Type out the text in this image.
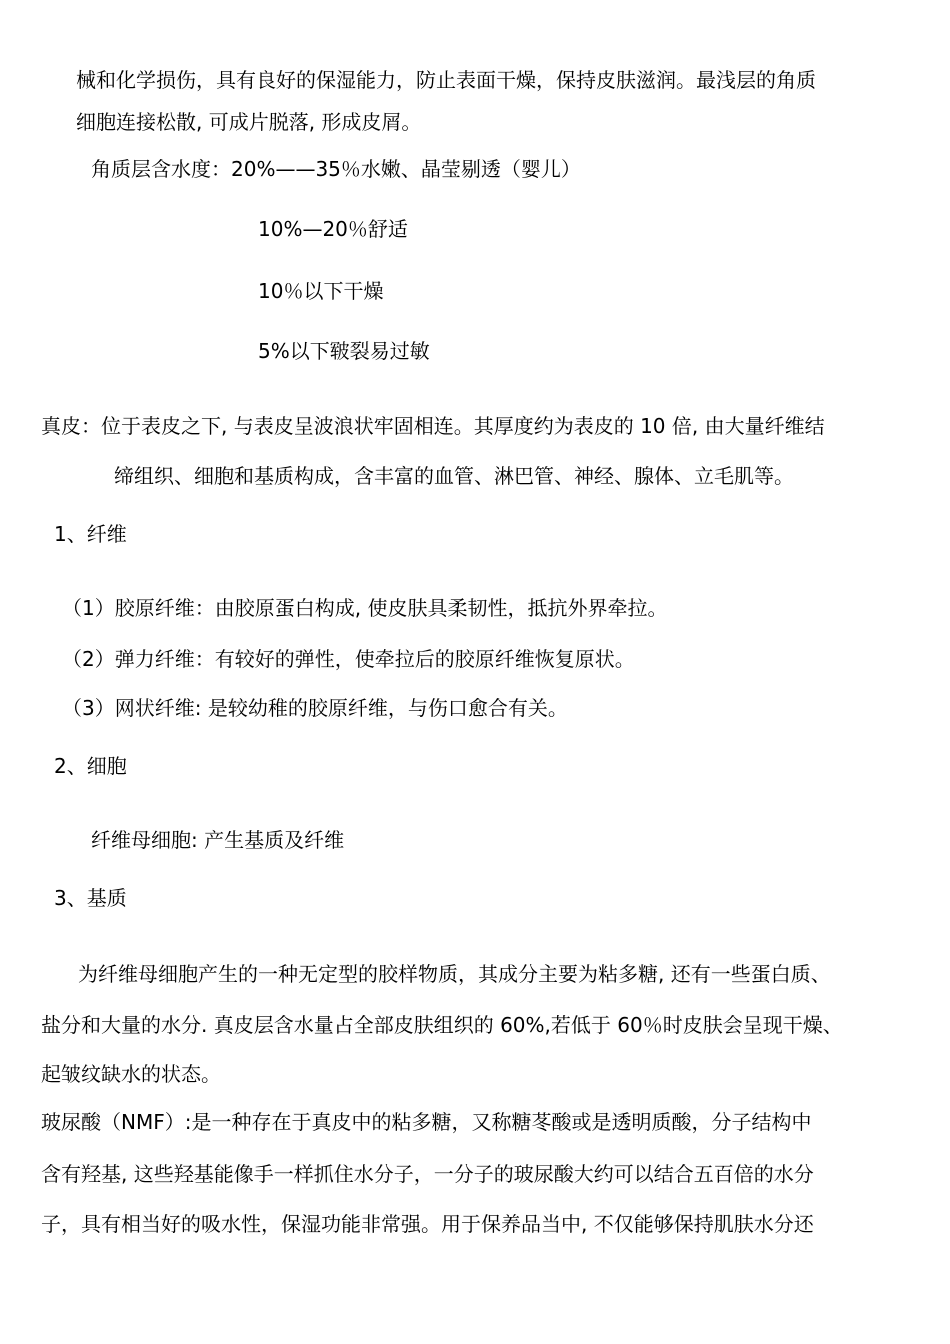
械和化学损伤，具有良好的保湿能力，防止表面干燥，保持皮肤滋润。最浅层的角质

细胞连接松散, 可成片脱落, 形成皮屑。

角质层含水度：20%——35％水嫩、晶莹剔透（婴儿）

10%—20％舒适

10％以下干燥

5%以下皲裂易过敏

真皮：位于表皮之下, 与表皮呈波浪状牢固相连。其厚度约为表皮的 10 倍, 由大量纤维结

缔组织、细胞和基质构成，含丰富的血管、淋巴管、神经、腺体、立毛肌等。

1、纤维

（1）胶原纤维：由胶原蛋白构成, 使皮肤具柔韧性，抵抗外界牵拉。

（2）弹力纤维：有较好的弹性，使牵拉后的胶原纤维恢复原状。

（3）网状纤维: 是较幼稚的胶原纤维，与伤口愈合有关。

2、细胞

纤维母细胞: 产生基质及纤维

3、基质

为纤维母细胞产生的一种无定型的胶样物质，其成分主要为粘多糖, 还有一些蛋白质、

盐分和大量的水分. 真皮层含水量占全部皮肤组织的 60%,若低于 60％时皮肤会呈现干燥、

起皱纹缺水的状态。

玻尿酸（NMF）:是一种存在于真皮中的粘多糖，又称糖苳酸或是透明质酸，分子结构中

含有羟基, 这些羟基能像手一样抓住水分子，一分子的玻尿酸大约可以结合五百倍的水分

子，具有相当好的吸水性，保湿功能非常强。用于保养品当中, 不仅能够保持肌肤水分还
